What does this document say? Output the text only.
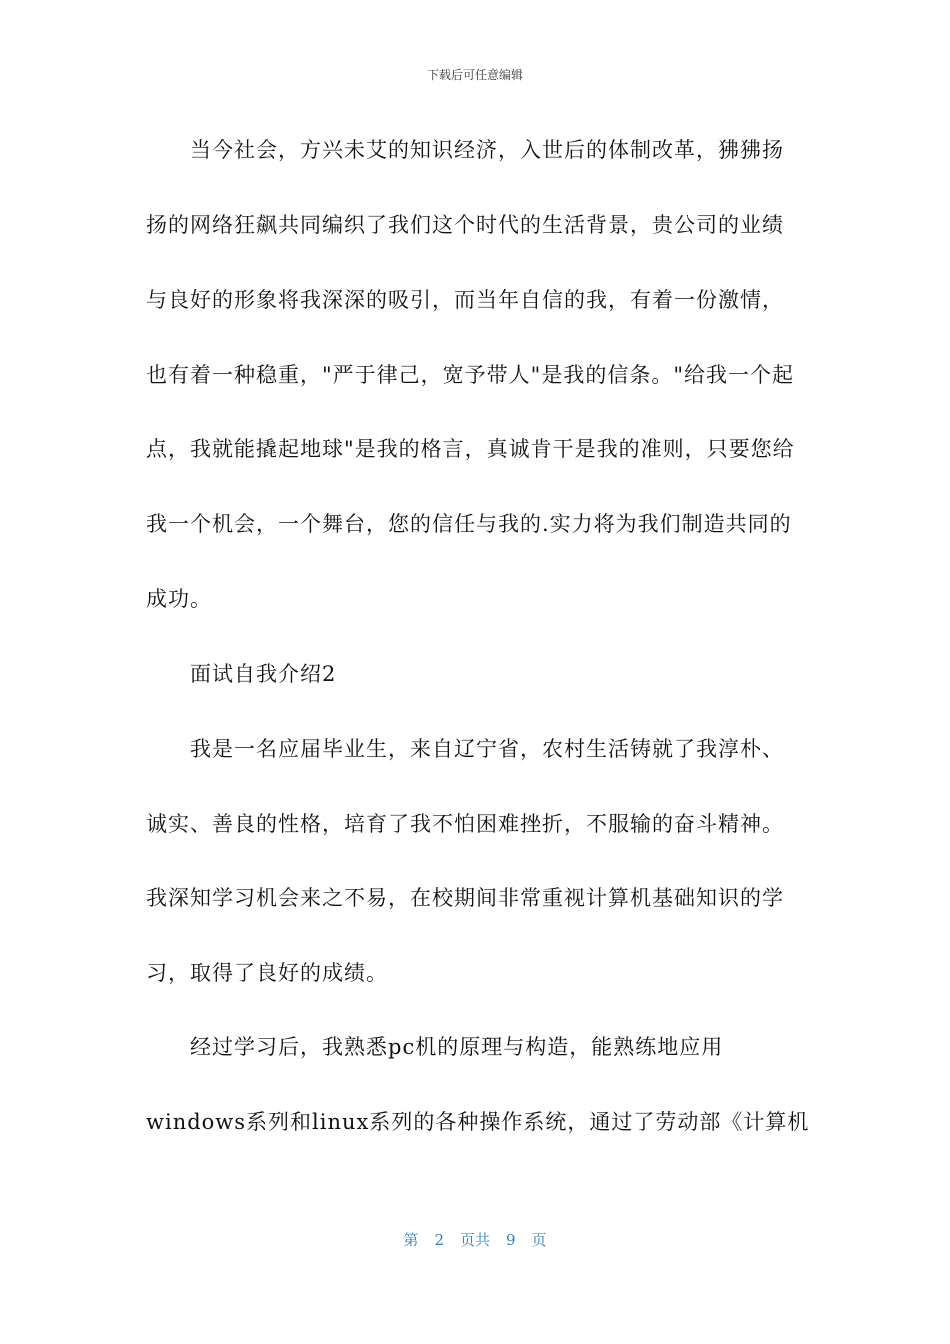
下载后可任意编辑
当今社会，方兴未艾的知识经济，入世后的体制改革，狒狒扬
扬的网络狂飙共同编织了我们这个时代的生活背景，贵公司的业绩
与良好的形象将我深深的吸引，而当年自信的我，有着一份激情，
也有着一种稳重，"严于律己，宽予带人"是我的信条。"给我一个起
点，我就能撬起地球"是我的格言，真诚肯干是我的准则，只要您给
我一个机会，一个舞台，您的信任与我的.实力将为我们制造共同的
成功。
面试自我介绍2
我是一名应届毕业生，来自辽宁省，农村生活铸就了我淳朴、
诚实、善良的性格，培育了我不怕困难挫折，不服输的奋斗精神。
我深知学习机会来之不易，在校期间非常重视计算机基础知识的学
习，取得了良好的成绩。
经过学习后，我熟悉pc机的原理与构造，能熟练地应用
windows系列和linux系列的各种操作系统，通过了劳动部《计算机
第 2 页共 9 页
